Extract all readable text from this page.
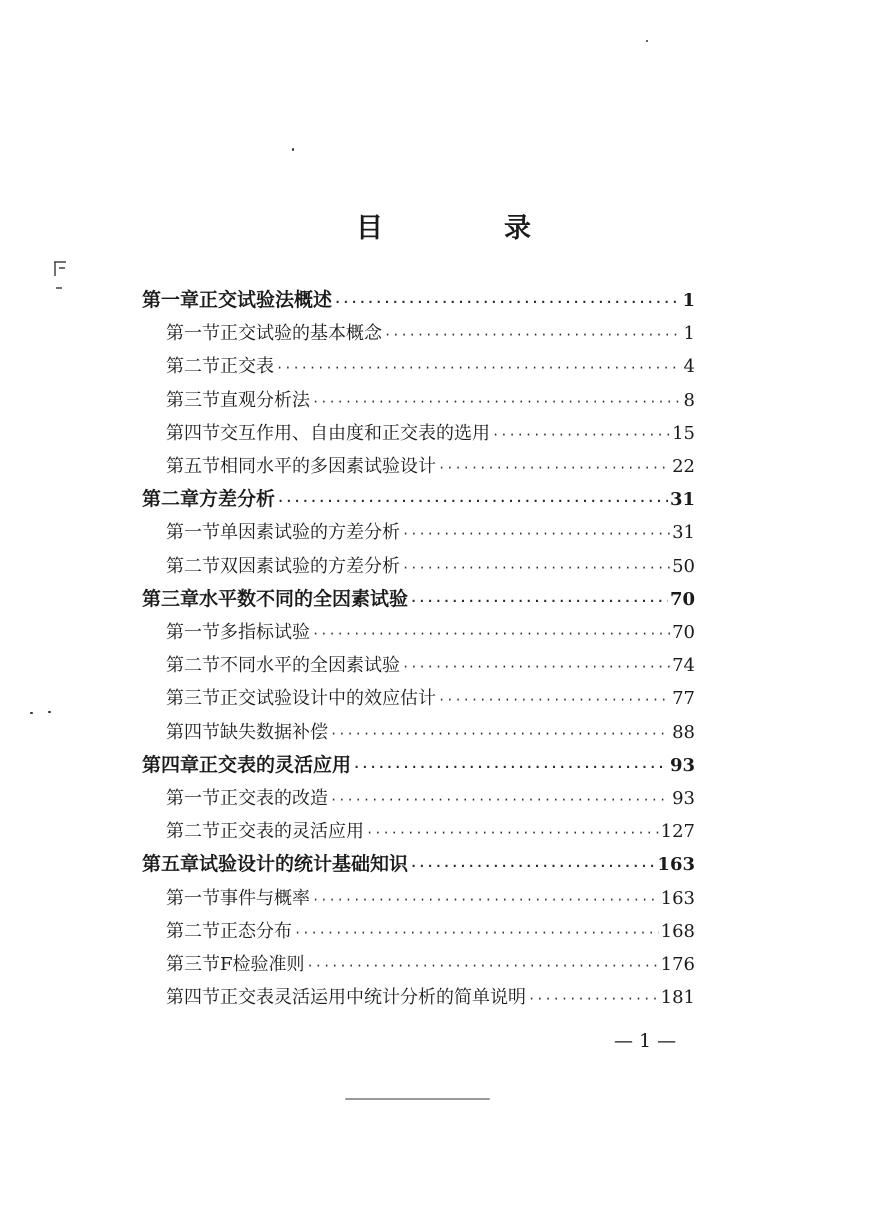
目	录
第一章 正交试验法概述 ·····	1
第一节 正交试验的基本概念 ·····	1
第二节 正交表 ·····	4
第三节 直观分析法 ·····	8
第四节 交互作用、自由度和正交表的选用 ·····	15
第五节 相同水平的多因素试验设计 ·····	22
第二章 方差分析 ·····	31
第一节 单因素试验的方差分析 ·····	31
第二节 双因素试验的方差分析 ·····	50
第三章 水平数不同的全因素试验 ·····	70
第一节 多指标试验 ·····	70
第二节 不同水平的全因素试验 ·····	74
第三节 正交试验设计中的效应估计 ·····	77
第四节 缺失数据补偿 ·····	88
第四章 正交表的灵活应用 ·····	93
第一节 正交表的改造 ·····	93
第二节 正交表的灵活应用 ·····	127
第五章 试验设计的统计基础知识 ·····	163
第一节 事件与概率 ·····	163
第二节 正态分布 ·····	168
第三节 F检验准则 ·····	176
第四节 正交表灵活运用中统计分析的简单说明 ·····	181
— 1 —
